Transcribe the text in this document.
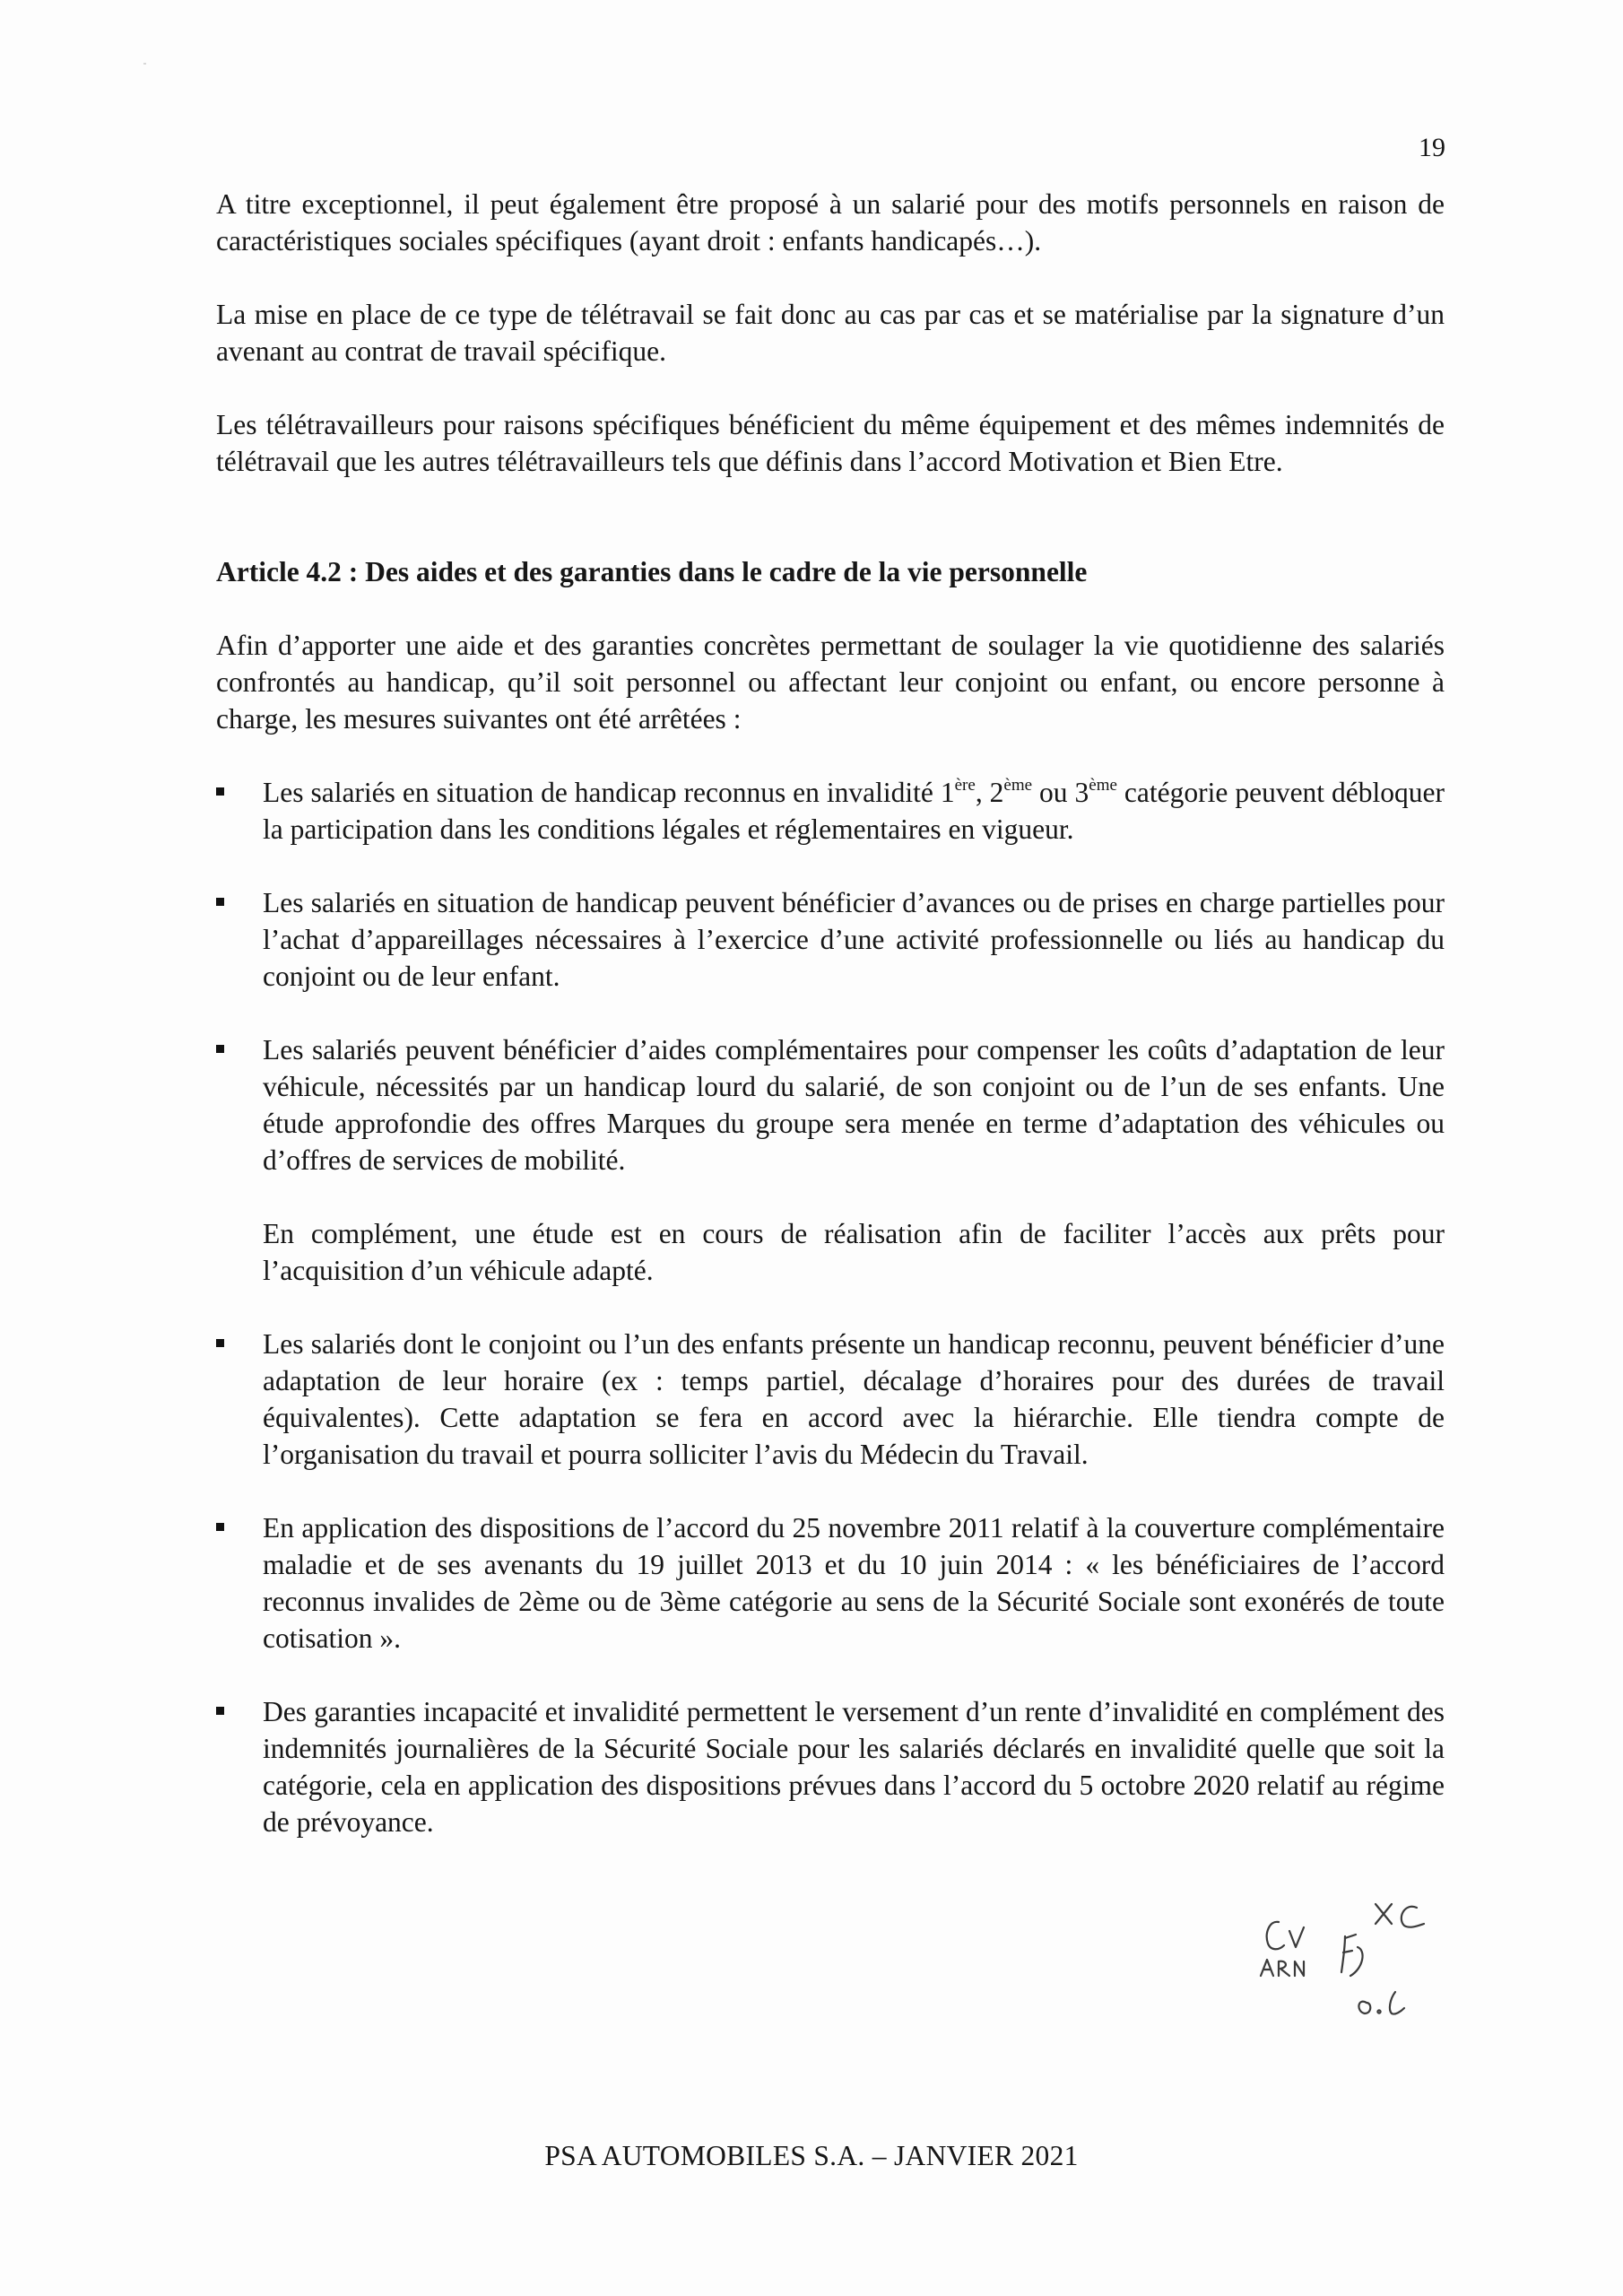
19

A titre exceptionnel, il peut également être proposé à un salarié pour des motifs personnels en raison de caractéristiques sociales spécifiques (ayant droit : enfants handicapés…).

La mise en place de ce type de télétravail se fait donc au cas par cas et se matérialise par la signature d’un avenant au contrat de travail spécifique.

Les télétravailleurs pour raisons spécifiques bénéficient du même équipement et des mêmes indemnités de télétravail que les autres télétravailleurs tels que définis dans l’accord Motivation et Bien Etre.

Article 4.2 : Des aides et des garanties dans le cadre de la vie personnelle

Afin d’apporter une aide et des garanties concrètes permettant de soulager la vie quotidienne des salariés confrontés au handicap, qu’il soit personnel ou affectant leur conjoint ou enfant, ou encore personne à charge, les mesures suivantes ont été arrêtées :

Les salariés en situation de handicap reconnus en invalidité 1ère, 2ème ou 3ème catégorie peuvent débloquer la participation dans les conditions légales et réglementaires en vigueur.
Les salariés en situation de handicap peuvent bénéficier d’avances ou de prises en charge partielles pour l’achat d’appareillages nécessaires à l’exercice d’une activité professionnelle ou liés au handicap du conjoint ou de leur enfant.
Les salariés peuvent bénéficier d’aides complémentaires pour compenser les coûts d’adaptation de leur véhicule, nécessités par un handicap lourd du salarié, de son conjoint ou de l’un de ses enfants. Une étude approfondie des offres Marques du groupe sera menée en terme d’adaptation des véhicules ou d’offres de services de mobilité.
En complément, une étude est en cours de réalisation afin de faciliter l’accès aux prêts pour l’acquisition d’un véhicule adapté.
Les salariés dont le conjoint ou l’un des enfants présente un handicap reconnu, peuvent bénéficier d’une adaptation de leur horaire (ex : temps partiel, décalage d’horaires pour des durées de travail équivalentes). Cette adaptation se fera en accord avec la hiérarchie. Elle tiendra compte de l’organisation du travail et pourra solliciter l’avis du Médecin du Travail.
En application des dispositions de l’accord du 25 novembre 2011 relatif à la couverture complémentaire maladie et de ses avenants du 19 juillet 2013 et du 10 juin 2014 : « les bénéficiaires de l’accord reconnus invalides de 2ème ou de 3ème catégorie au sens de la Sécurité Sociale sont exonérés de toute cotisation ».
Des garanties incapacité et invalidité permettent le versement d’un rente d’invalidité en complément des indemnités journalières de la Sécurité Sociale pour les salariés déclarés en invalidité quelle que soit la catégorie, cela en application des dispositions prévues dans l’accord du 5 octobre 2020 relatif au régime de prévoyance.
PSA AUTOMOBILES S.A. – JANVIER 2021
